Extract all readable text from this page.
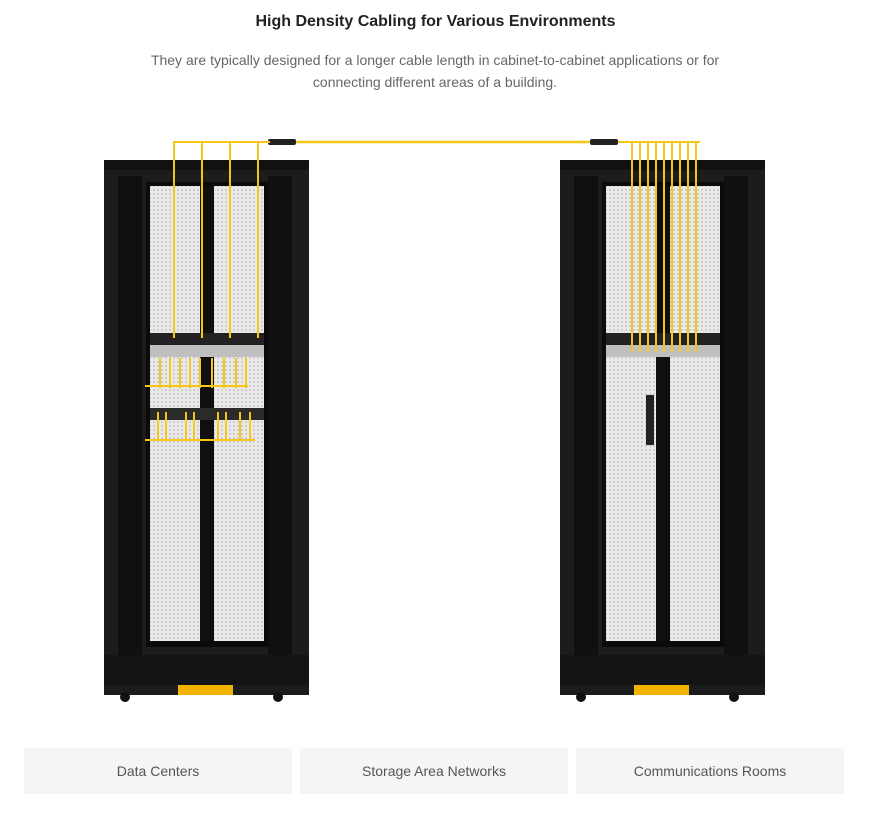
High Density Cabling for Various Environments
They are typically designed for a longer cable length in cabinet-to-cabinet applications or for connecting different areas of a building.
Data Centers	Storage Area Networks	Communications Rooms
